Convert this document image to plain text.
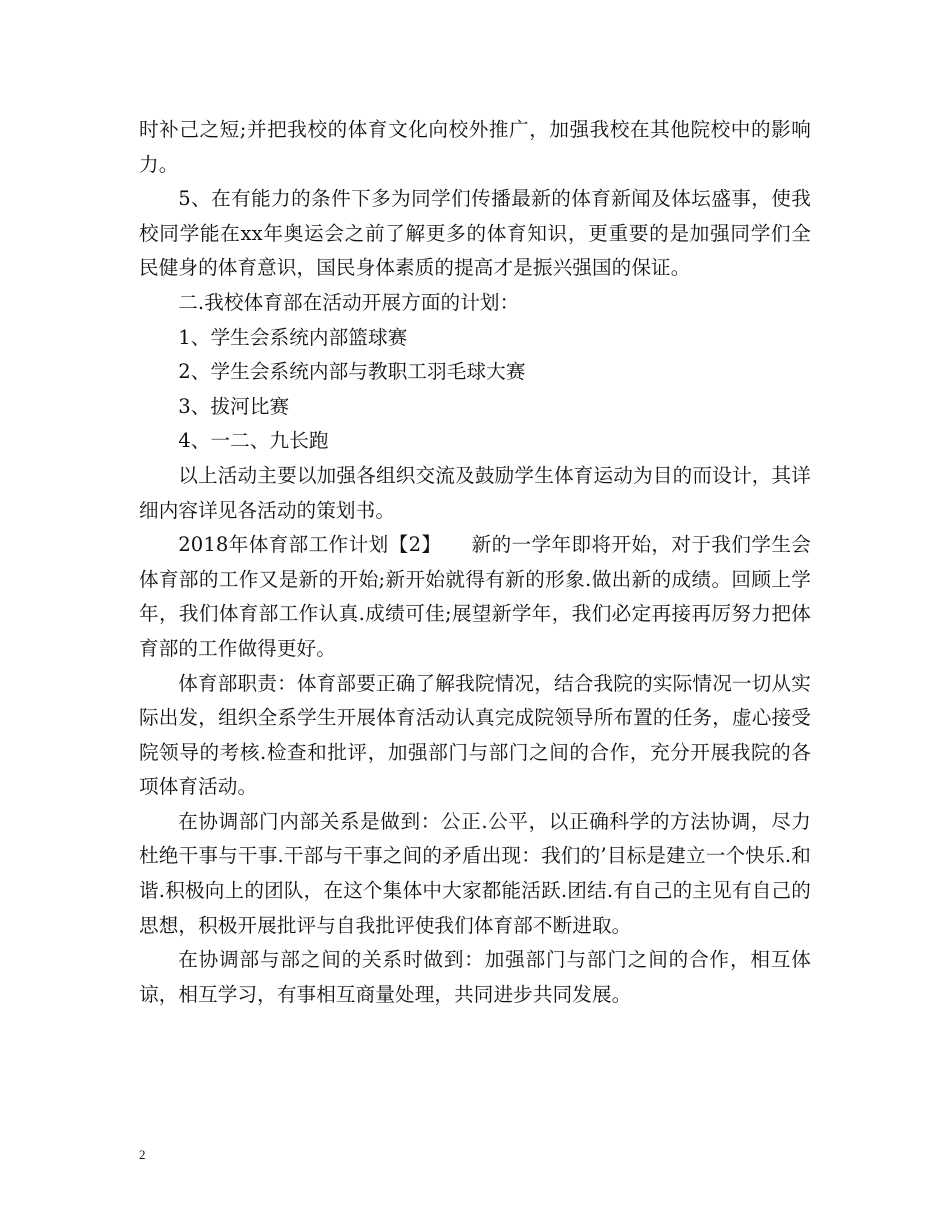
时补己之短;并把我校的体育文化向校外推广，加强我校在其他院校中的影响力。

5、在有能力的条件下多为同学们传播最新的体育新闻及体坛盛事，使我校同学能在xx年奥运会之前了解更多的体育知识，更重要的是加强同学们全民健身的体育意识，国民身体素质的提高才是振兴强国的保证。

二.我校体育部在活动开展方面的计划：

1、学生会系统内部篮球赛

2、学生会系统内部与教职工羽毛球大赛

3、拔河比赛

4、一二、九长跑

以上活动主要以加强各组织交流及鼓励学生体育运动为目的而设计，其详细内容详见各活动的策划书。

2018年体育部工作计划【2】　　新的一学年即将开始，对于我们学生会体育部的工作又是新的开始;新开始就得有新的形象.做出新的成绩。回顾上学年，我们体育部工作认真.成绩可佳;展望新学年，我们必定再接再厉努力把体育部的工作做得更好。

体育部职责：体育部要正确了解我院情况，结合我院的实际情况一切从实际出发，组织全系学生开展体育活动认真完成院领导所布置的任务，虚心接受院领导的考核.检查和批评，加强部门与部门之间的合作，充分开展我院的各项体育活动。

在协调部门内部关系是做到：公正.公平，以正确科学的方法协调，尽力杜绝干事与干事.干部与干事之间的矛盾出现：我们的’目标是建立一个快乐.和谐.积极向上的团队，在这个集体中大家都能活跃.团结.有自己的主见有自己的思想，积极开展批评与自我批评使我们体育部不断进取。

在协调部与部之间的关系时做到：加强部门与部门之间的合作，相互体谅，相互学习，有事相互商量处理，共同进步共同发展。

2
